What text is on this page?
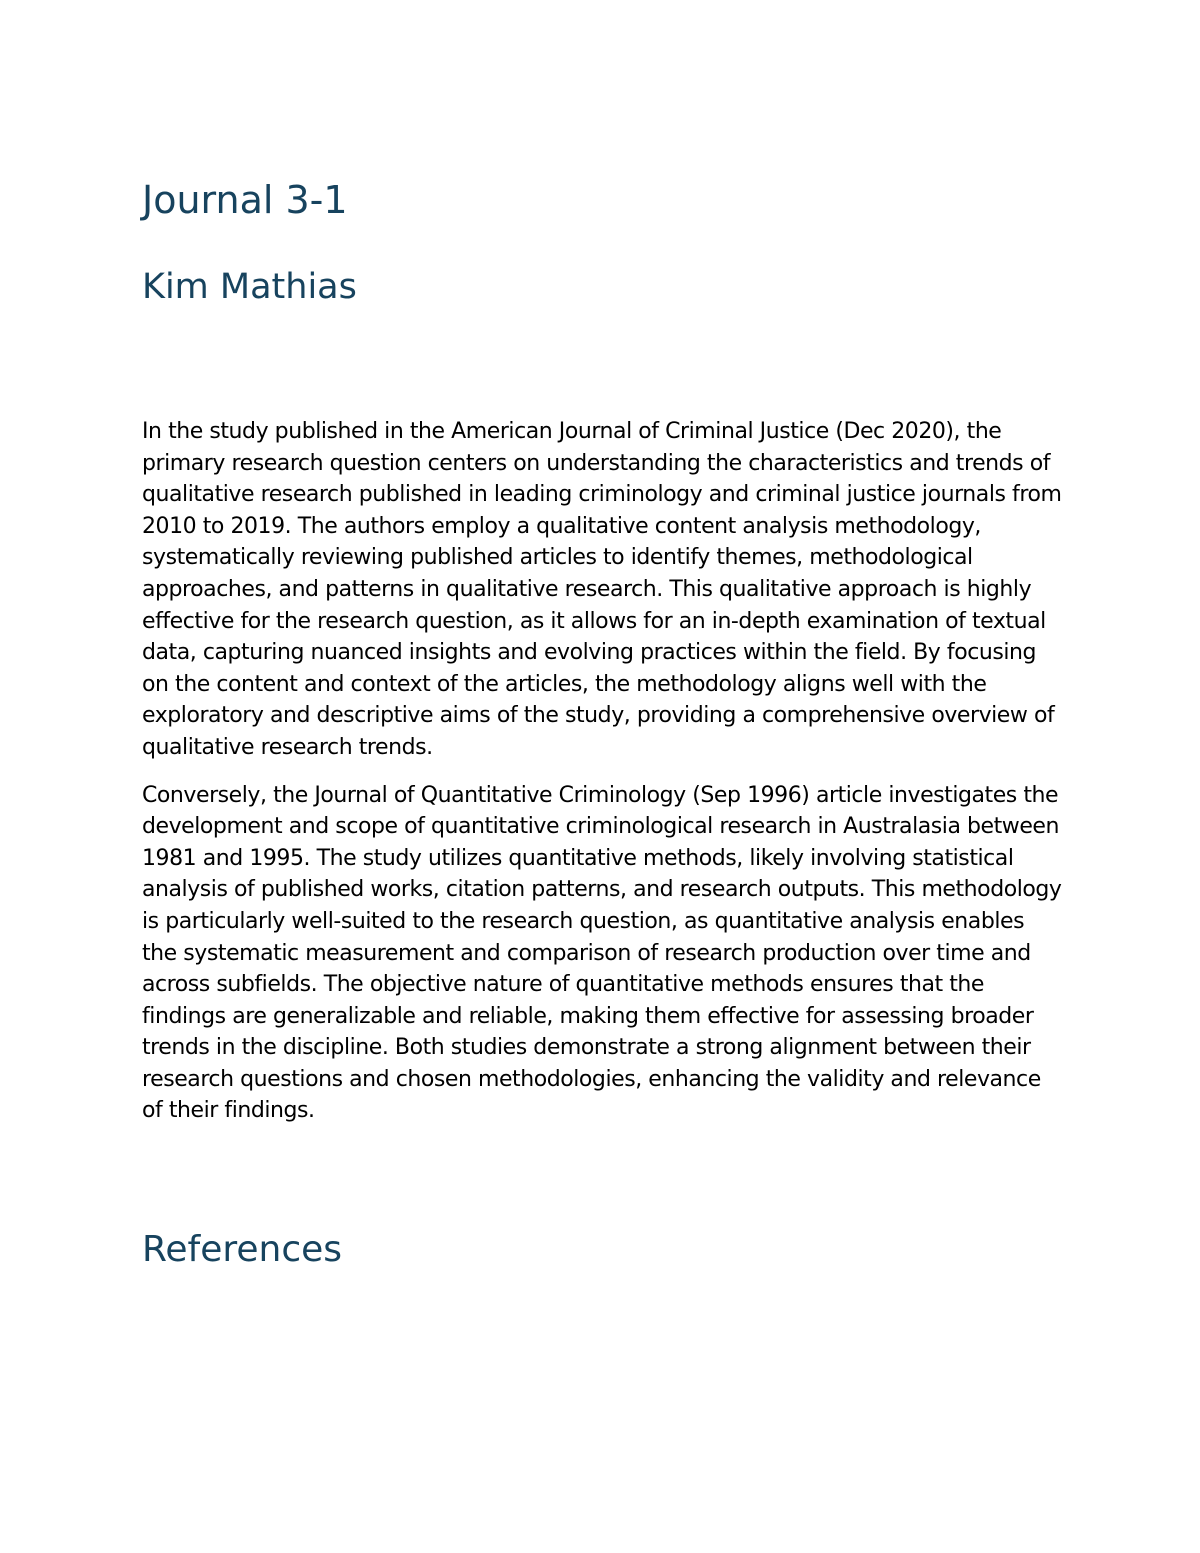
Journal 3-1
Kim Mathias

In the study published in the American Journal of Criminal Justice (Dec 2020), the primary research question centers on understanding the characteristics and trends of qualitative research published in leading criminology and criminal justice journals from 2010 to 2019. The authors employ a qualitative content analysis methodology, systematically reviewing published articles to identify themes, methodological approaches, and patterns in qualitative research. This qualitative approach is highly effective for the research question, as it allows for an in-depth examination of textual data, capturing nuanced insights and evolving practices within the field. By focusing on the content and context of the articles, the methodology aligns well with the exploratory and descriptive aims of the study, providing a comprehensive overview of qualitative research trends.

Conversely, the Journal of Quantitative Criminology (Sep 1996) article investigates the development and scope of quantitative criminological research in Australasia between 1981 and 1995. The study utilizes quantitative methods, likely involving statistical analysis of published works, citation patterns, and research outputs. This methodology is particularly well-suited to the research question, as quantitative analysis enables the systematic measurement and comparison of research production over time and across subfields. The objective nature of quantitative methods ensures that the findings are generalizable and reliable, making them effective for assessing broader trends in the discipline. Both studies demonstrate a strong alignment between their research questions and chosen methodologies, enhancing the validity and relevance of their findings.

References
